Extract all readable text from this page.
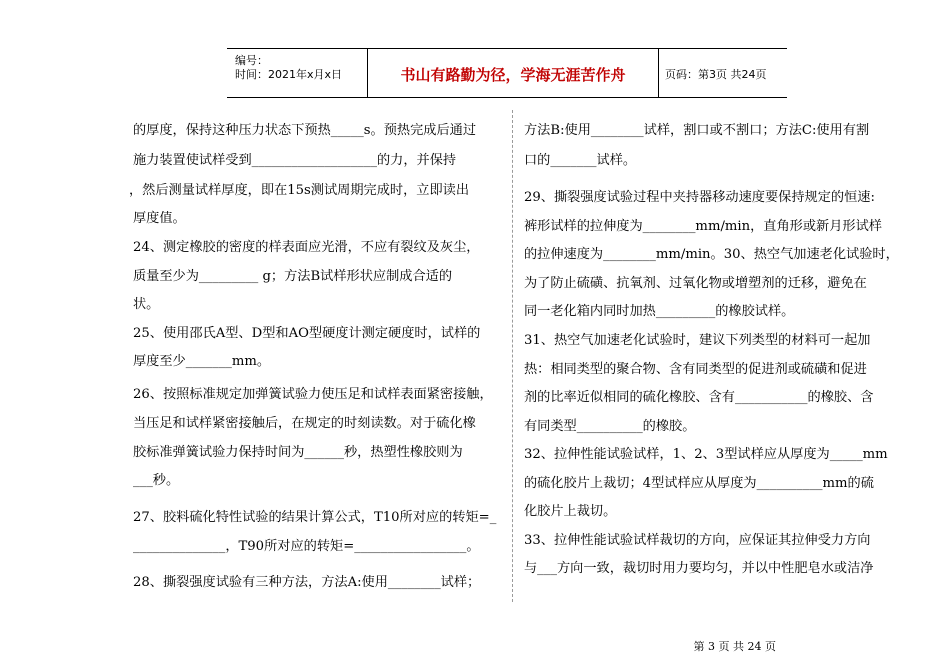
编号：
时间：2021年x月x日	书山有路勤为径，学海无涯苦作舟	页码：第3页 共24页
的厚度，保持这种压力状态下预热_____s。预热完成后通过
施力装置使试样受到___________________的力，并保持
，然后测量试样厚度，即在15s测试周期完成时，立即读出
厚度值。
24、测定橡胶的密度的样表面应光滑，不应有裂纹及灰尘，
质量至少为_________ g；方法B试样形状应制成合适的
状。
25、使用邵氏A型、D型和AO型硬度计测定硬度时，试样的
厚度至少_______mm。
26、按照标准规定加弹簧试验力使压足和试样表面紧密接触，
当压足和试样紧密接触后，在规定的时刻读数。对于硫化橡
胶标准弹簧试验力保持时间为______秒，热塑性橡胶则为
___秒。
27、胶料硫化特性试验的结果计算公式，T10所对应的转矩=_
______________，T90所对应的转矩=_________________。
28、撕裂强度试验有三种方法，方法A:使用________试样；
方法B:使用________试样，割口或不割口；方法C:使用有割
口的_______试样。
29、撕裂强度试验过程中夹持器移动速度要保持规定的恒速:
裤形试样的拉伸度为________mm/min，直角形或新月形试样
的拉伸速度为________mm/min。30、热空气加速老化试验时，
为了防止硫磺、抗氧剂、过氧化物或增塑剂的迁移，避免在
同一老化箱内同时加热_________的橡胶试样。
31、热空气加速老化试验时，建议下列类型的材料可一起加
热：相同类型的聚合物、含有同类型的促进剂或硫磺和促进
剂的比率近似相同的硫化橡胶、含有___________的橡胶、含
有同类型__________的橡胶。
32、拉伸性能试验试样，1、2、3型试样应从厚度为_____mm
的硫化胶片上裁切；4型试样应从厚度为__________mm的硫
化胶片上裁切。
33、拉伸性能试验试样裁切的方向，应保证其拉伸受力方向
与___方向一致，裁切时用力要均匀，并以中性肥皂水或洁净
第 3 页 共 24 页
